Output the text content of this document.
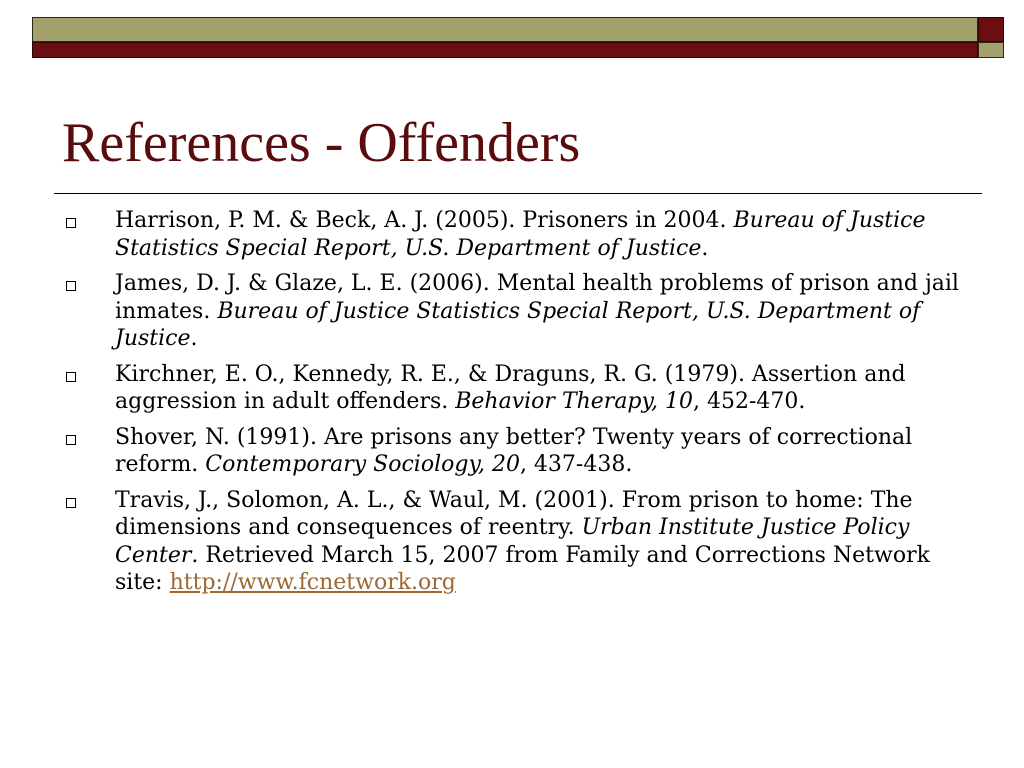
References - Offenders
Harrison, P. M. & Beck, A. J. (2005). Prisoners in 2004. Bureau of Justice Statistics Special Report, U.S. Department of Justice.
James, D. J. & Glaze, L. E. (2006). Mental health problems of prison and jail inmates. Bureau of Justice Statistics Special Report, U.S. Department of Justice.
Kirchner, E. O., Kennedy, R. E., & Draguns, R. G. (1979). Assertion and aggression in adult offenders. Behavior Therapy, 10, 452-470.
Shover, N. (1991). Are prisons any better? Twenty years of correctional reform. Contemporary Sociology, 20, 437-438.
Travis, J., Solomon, A. L., & Waul, M. (2001). From prison to home: The dimensions and consequences of reentry. Urban Institute Justice Policy Center. Retrieved March 15, 2007 from Family and Corrections Network site: http://www.fcnetwork.org
